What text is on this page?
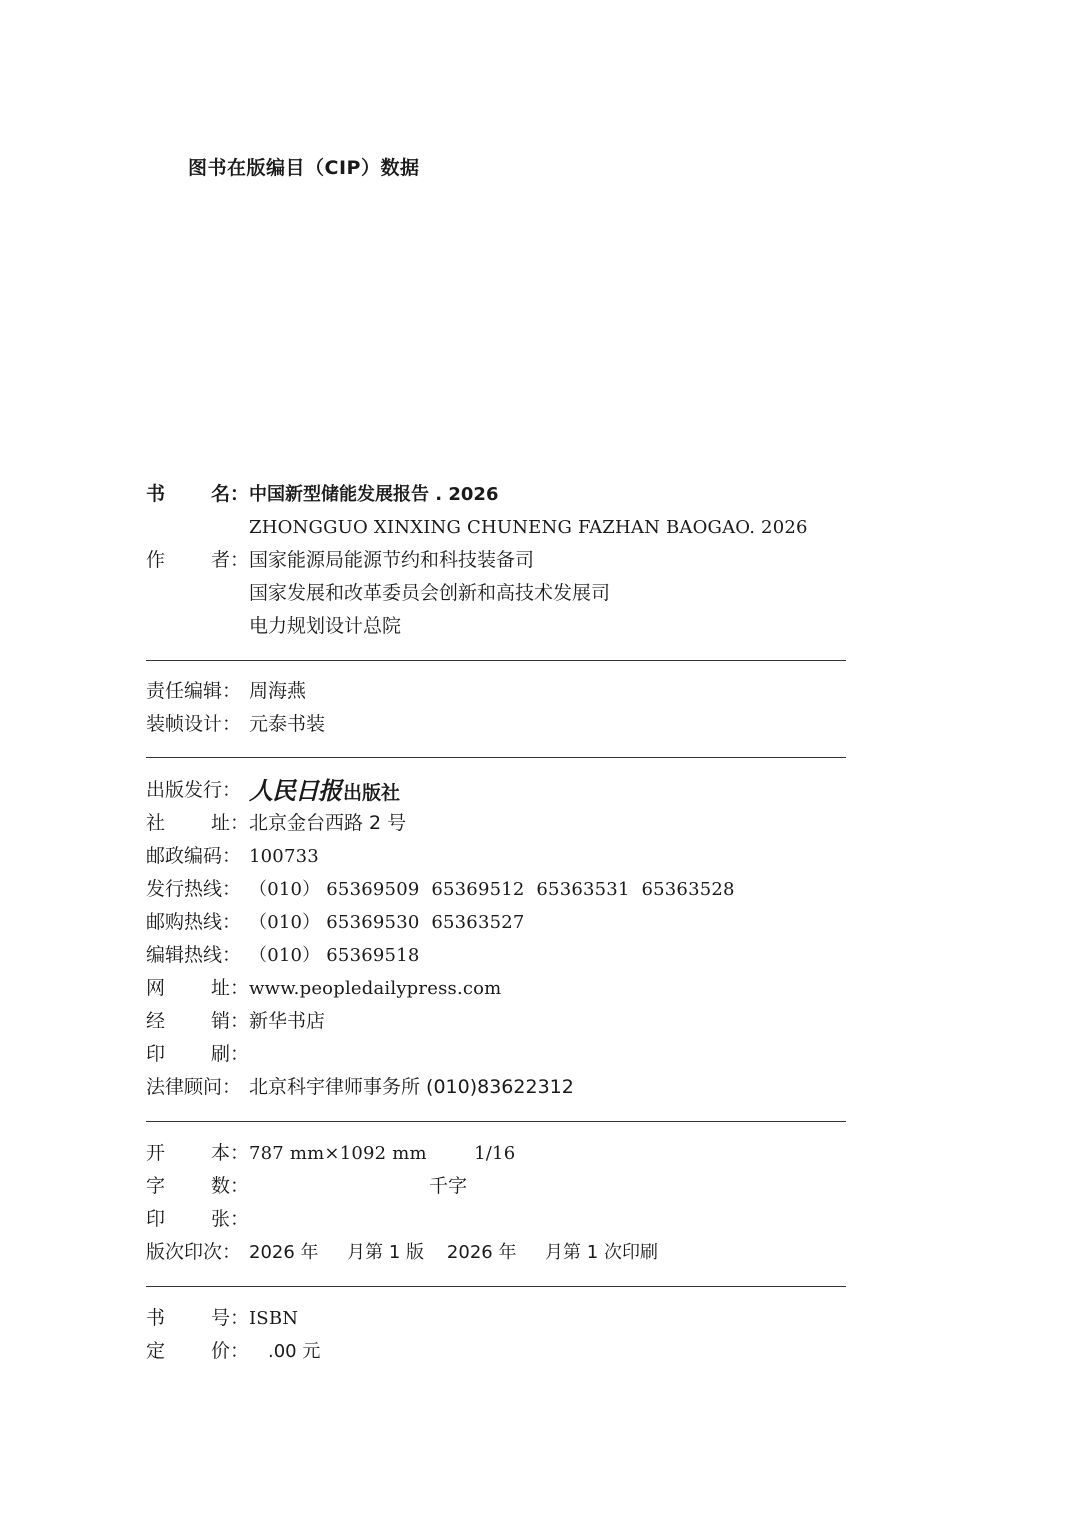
图书在版编目（CIP）数据
书 名： 中国新型储能发展报告 . 2026
ZHONGGUO XINXING CHUNENG FAZHAN BAOGAO. 2026
作 者： 国家能源局能源节约和科技装备司
国家发展和改革委员会创新和高技术发展司
电力规划设计总院
责任编辑： 周海燕
装帧设计： 元泰书装
出版发行： 人民日报 出版社
社 址： 北京金台西路 2 号
邮政编码： 100733
发行热线： （010） 65369509  65369512  65363531  65363528
邮购热线： （010） 65369530  65363527
编辑热线： （010） 65369518
网 址： www.peopledailypress.com
经 销： 新华书店
印 刷：
法律顾问： 北京科宇律师事务所 (010)83622312
开 本： 787 mm×1092 mm        1/16
字 数：	千字
印 张：
版次印次： 2026 年     月第 1 版    2026 年     月第 1 次印刷
书 号： ISBN
定 价： .00 元
